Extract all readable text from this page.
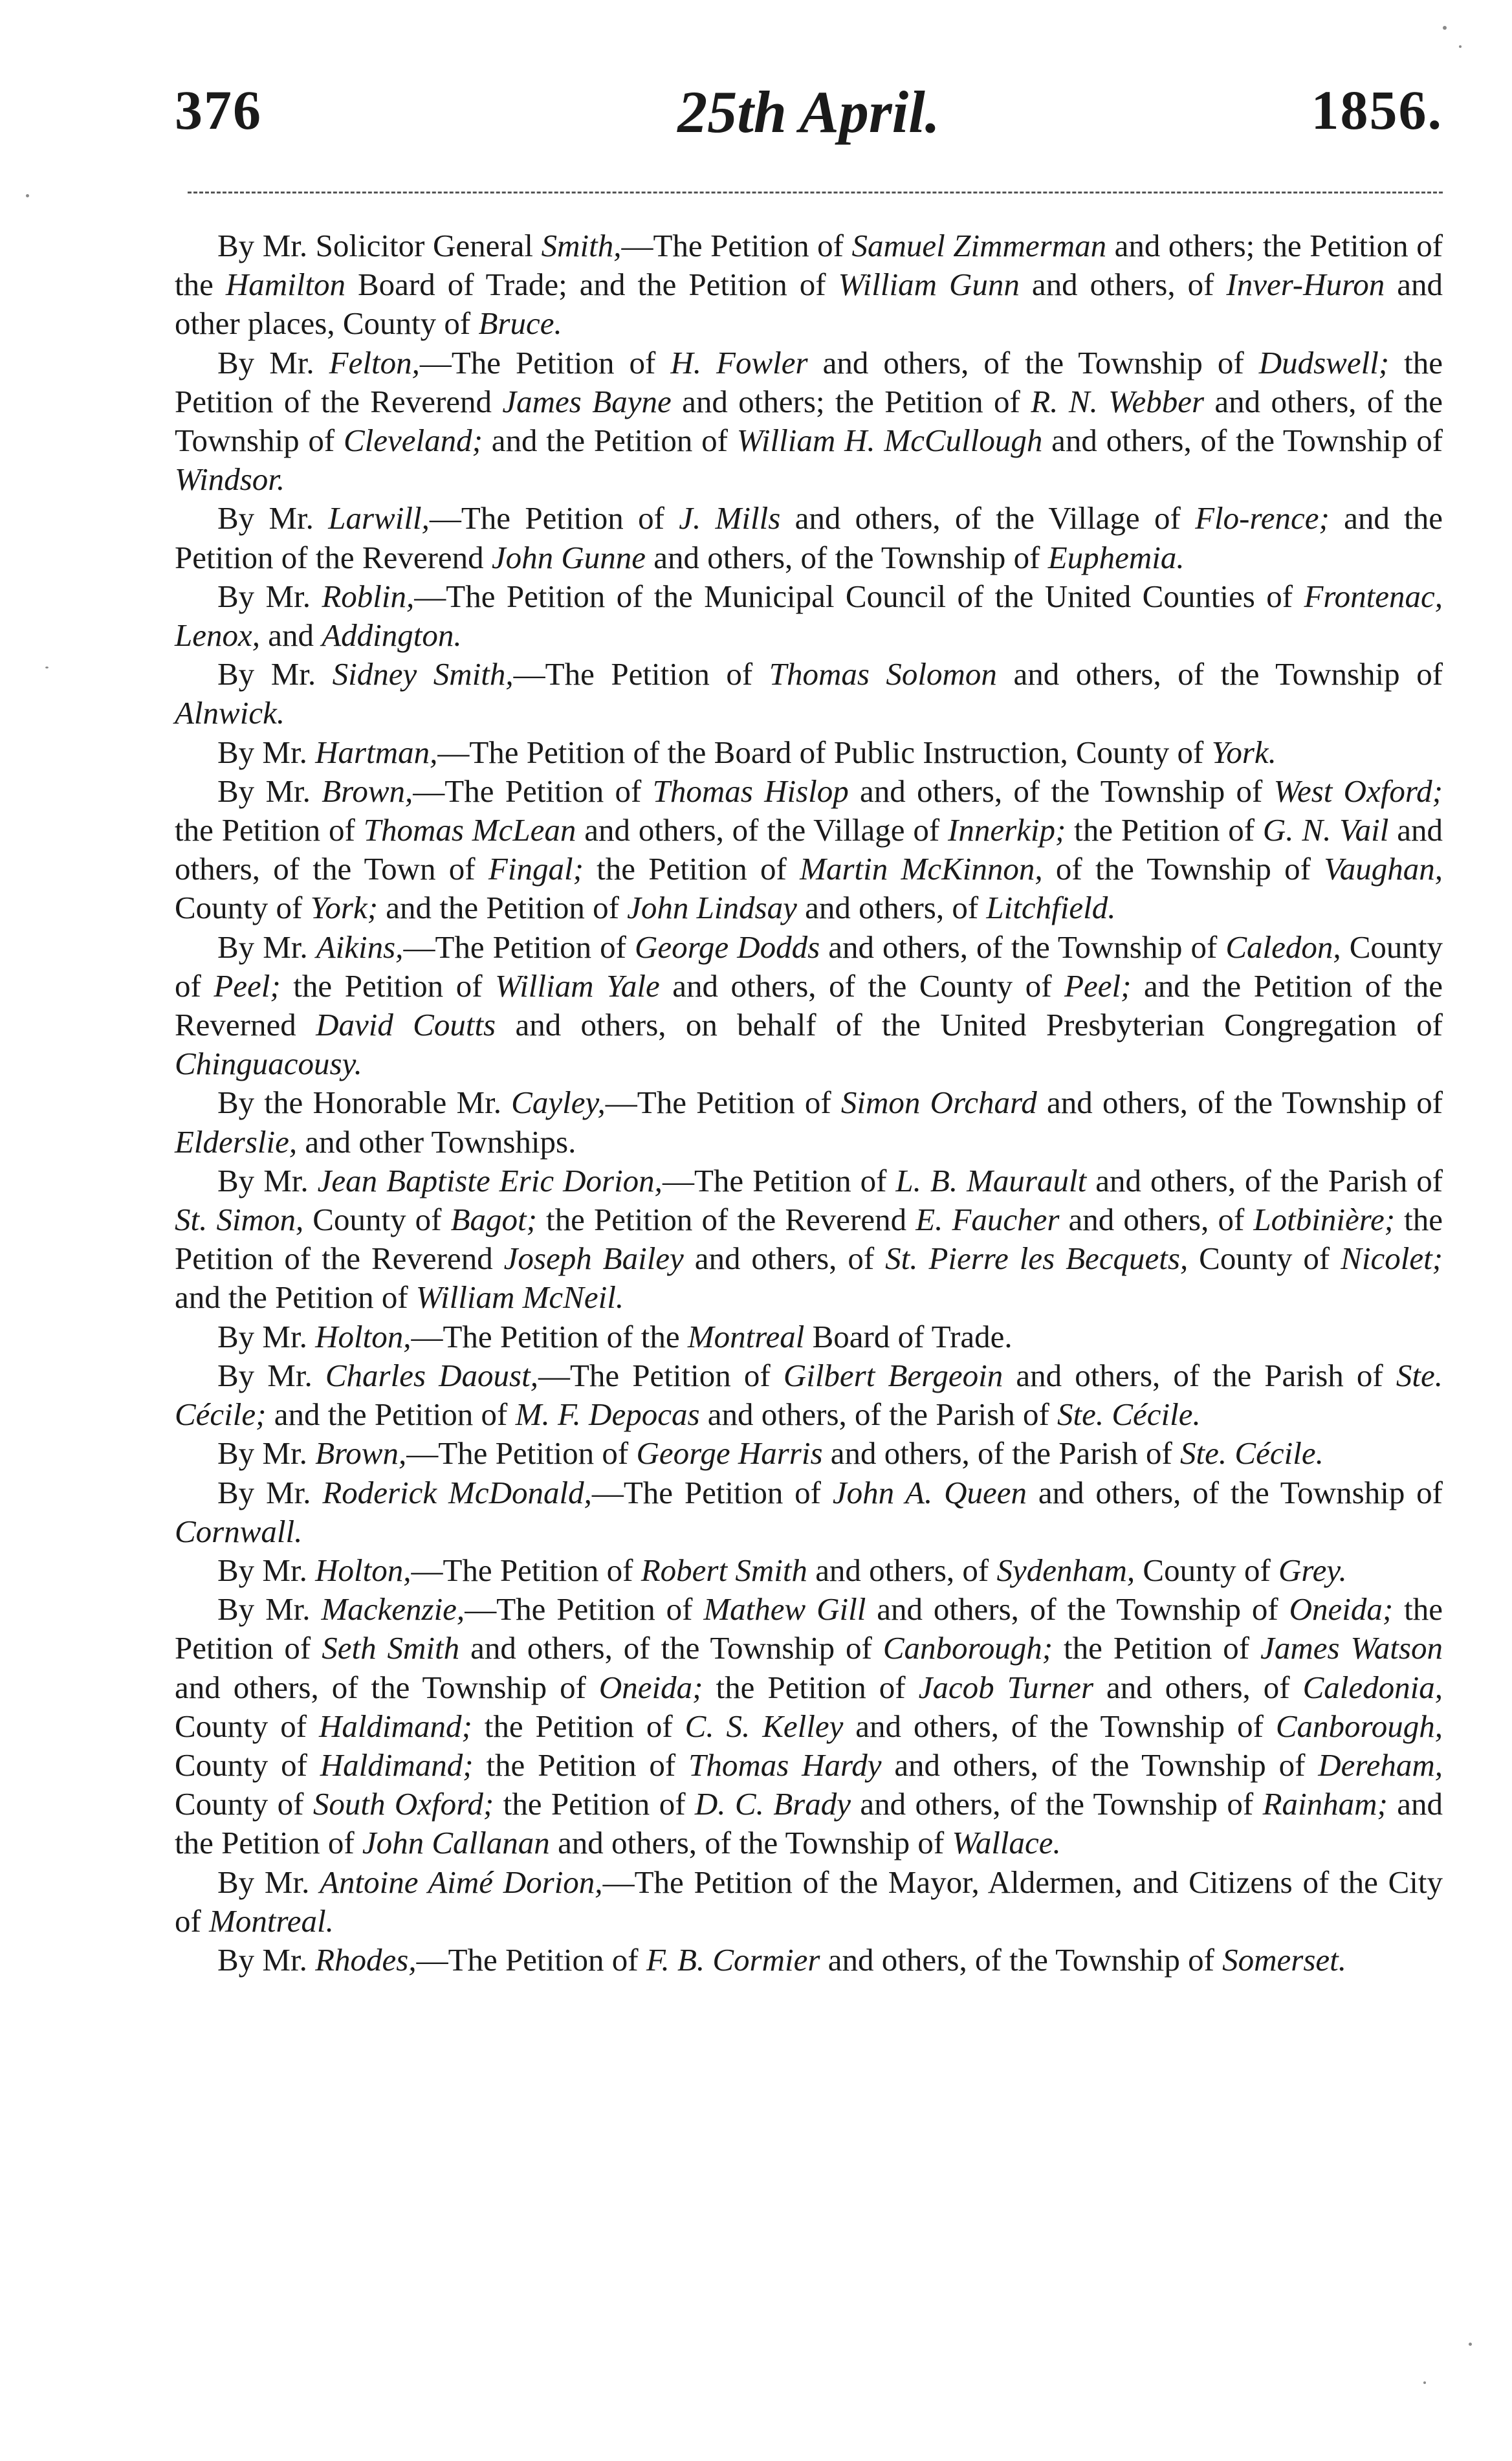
376	25th April.	1856.

By Mr. Solicitor General Smith,—The Petition of Samuel Zimmerman and others; the Petition of the Hamilton Board of Trade; and the Petition of William Gunn and others, of Inver-Huron and other places, County of Bruce.

By Mr. Felton,—The Petition of H. Fowler and others, of the Township of Dudswell; the Petition of the Reverend James Bayne and others; the Petition of R. N. Webber and others, of the Township of Cleveland; and the Petition of William H. McCullough and others, of the Township of Windsor.

By Mr. Larwill,—The Petition of J. Mills and others, of the Village of Flo-rence; and the Petition of the Reverend John Gunne and others, of the Township of Euphemia.

By Mr. Roblin,—The Petition of the Municipal Council of the United Counties of Frontenac, Lenox, and Addington.

By Mr. Sidney Smith,—The Petition of Thomas Solomon and others, of the Township of Alnwick.

By Mr. Hartman,—The Petition of the Board of Public Instruction, County of York.

By Mr. Brown,—The Petition of Thomas Hislop and others, of the Township of West Oxford; the Petition of Thomas McLean and others, of the Village of Innerkip; the Petition of G. N. Vail and others, of the Town of Fingal; the Petition of Martin McKinnon, of the Township of Vaughan, County of York; and the Petition of John Lindsay and others, of Litchfield.

By Mr. Aikins,—The Petition of George Dodds and others, of the Township of Caledon, County of Peel; the Petition of William Yale and others, of the County of Peel; and the Petition of the Reverned David Coutts and others, on behalf of the United Presbyterian Congregation of Chinguacousy.

By the Honorable Mr. Cayley,—The Petition of Simon Orchard and others, of the Township of Elderslie, and other Townships.

By Mr. Jean Baptiste Eric Dorion,—The Petition of L. B. Maurault and others, of the Parish of St. Simon, County of Bagot; the Petition of the Reverend E. Faucher and others, of Lotbinière; the Petition of the Reverend Joseph Bailey and others, of St. Pierre les Becquets, County of Nicolet; and the Petition of William McNeil.

By Mr. Holton,—The Petition of the Montreal Board of Trade.

By Mr. Charles Daoust,—The Petition of Gilbert Bergeoin and others, of the Parish of Ste. Cécile; and the Petition of M. F. Depocas and others, of the Parish of Ste. Cécile.

By Mr. Brown,—The Petition of George Harris and others, of the Parish of Ste. Cécile.

By Mr. Roderick McDonald,—The Petition of John A. Queen and others, of the Township of Cornwall.

By Mr. Holton,—The Petition of Robert Smith and others, of Sydenham, County of Grey.

By Mr. Mackenzie,—The Petition of Mathew Gill and others, of the Township of Oneida; the Petition of Seth Smith and others, of the Township of Canborough; the Petition of James Watson and others, of the Township of Oneida; the Petition of Jacob Turner and others, of Caledonia, County of Haldimand; the Petition of C. S. Kelley and others, of the Township of Canborough, County of Haldimand; the Petition of Thomas Hardy and others, of the Township of Dereham, County of South Oxford; the Petition of D. C. Brady and others, of the Township of Rainham; and the Petition of John Callanan and others, of the Township of Wallace.

By Mr. Antoine Aimé Dorion,—The Petition of the Mayor, Aldermen, and Citizens of the City of Montreal.

By Mr. Rhodes,—The Petition of F. B. Cormier and others, of the Township of Somerset.
